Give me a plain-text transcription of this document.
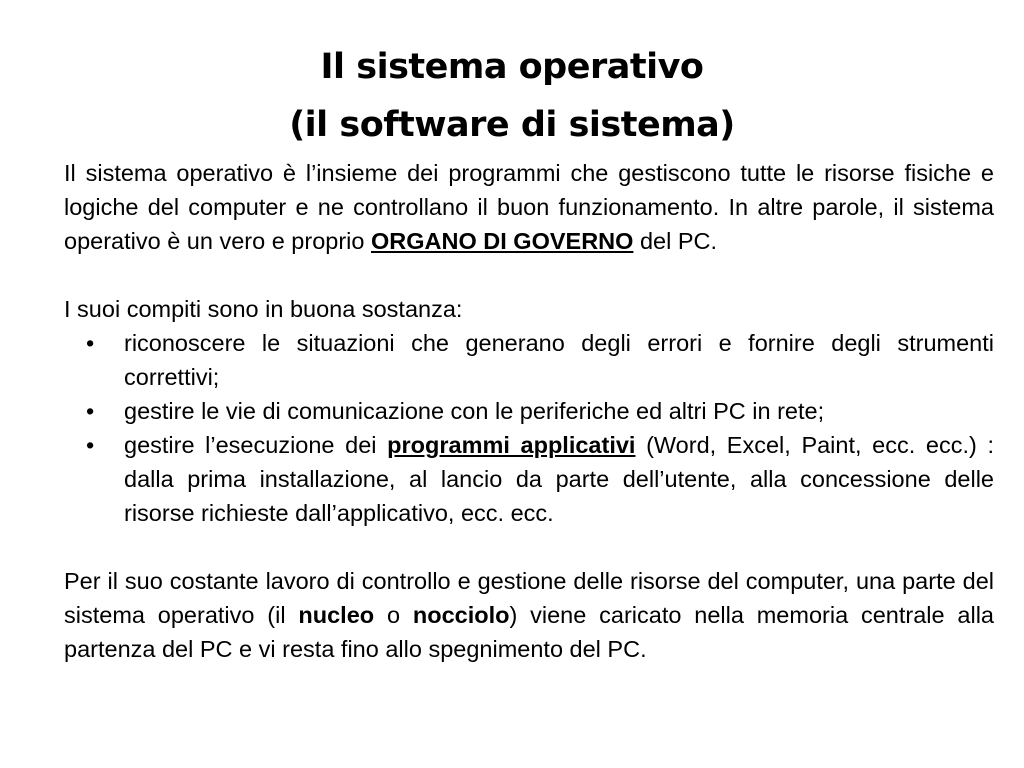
Il sistema operativo
(il software di sistema)

Il sistema operativo è l’insieme dei programmi che gestiscono tutte le risorse fisiche e logiche del computer e ne controllano il buon funzionamento. In altre parole, il sistema operativo è un vero e proprio ORGANO DI GOVERNO del PC.

I suoi compiti sono in buona sostanza:

• riconoscere le situazioni che generano degli errori e fornire degli strumenti correttivi;
• gestire le vie di comunicazione con le periferiche ed altri PC in rete;
• gestire l’esecuzione dei programmi applicativi (Word, Excel, Paint, ecc. ecc.) : dalla prima installazione, al lancio da parte dell’utente, alla concessione delle risorse richieste dall’applicativo, ecc. ecc.

Per il suo costante lavoro di controllo e gestione delle risorse del computer, una parte del sistema operativo (il nucleo o nocciolo) viene caricato nella memoria centrale alla partenza del PC e vi resta fino allo spegnimento del PC.
